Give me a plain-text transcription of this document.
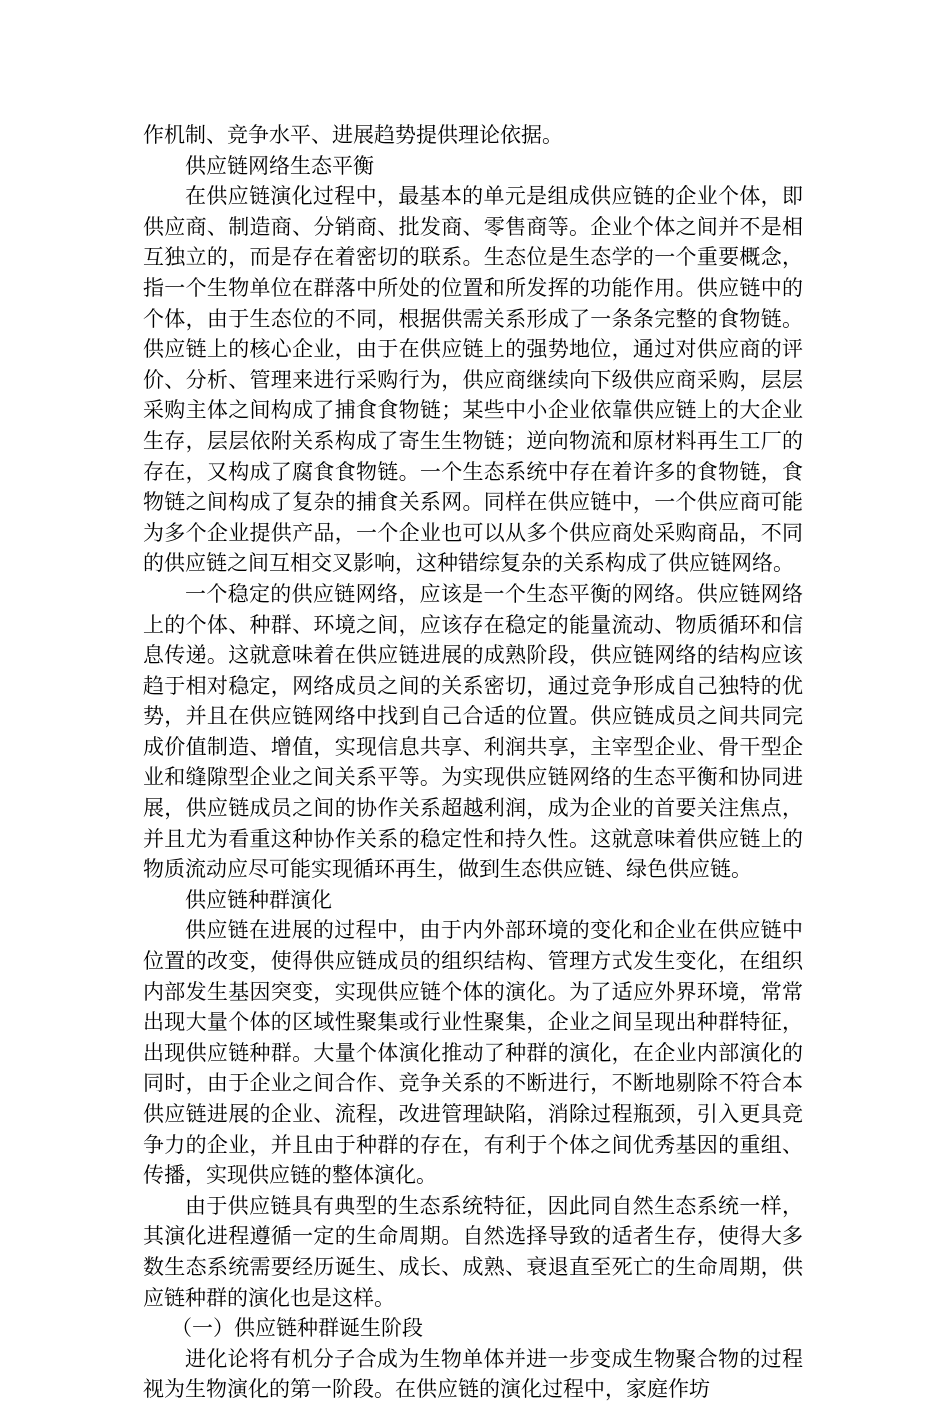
作机制、竞争水平、进展趋势提供理论依据。

供应链网络生态平衡

在供应链演化过程中，最基本的单元是组成供应链的企业个体，即供应商、制造商、分销商、批发商、零售商等。企业个体之间并不是相互独立的，而是存在着密切的联系。生态位是生态学的一个重要概念，指一个生物单位在群落中所处的位置和所发挥的功能作用。供应链中的个体，由于生态位的不同，根据供需关系形成了一条条完整的食物链。供应链上的核心企业，由于在供应链上的强势地位，通过对供应商的评价、分析、管理来进行采购行为，供应商继续向下级供应商采购，层层采购主体之间构成了捕食食物链；某些中小企业依靠供应链上的大企业生存，层层依附关系构成了寄生生物链；逆向物流和原材料再生工厂的存在，又构成了腐食食物链。一个生态系统中存在着许多的食物链，食物链之间构成了复杂的捕食关系网。同样在供应链中，一个供应商可能为多个企业提供产品，一个企业也可以从多个供应商处采购商品，不同的供应链之间互相交叉影响，这种错综复杂的关系构成了供应链网络。

一个稳定的供应链网络，应该是一个生态平衡的网络。供应链网络上的个体、种群、环境之间，应该存在稳定的能量流动、物质循环和信息传递。这就意味着在供应链进展的成熟阶段，供应链网络的结构应该趋于相对稳定，网络成员之间的关系密切，通过竞争形成自己独特的优势，并且在供应链网络中找到自己合适的位置。供应链成员之间共同完成价值制造、增值，实现信息共享、利润共享，主宰型企业、骨干型企业和缝隙型企业之间关系平等。为实现供应链网络的生态平衡和协同进展，供应链成员之间的协作关系超越利润，成为企业的首要关注焦点，并且尤为看重这种协作关系的稳定性和持久性。这就意味着供应链上的物质流动应尽可能实现循环再生，做到生态供应链、绿色供应链。

供应链种群演化

供应链在进展的过程中，由于内外部环境的变化和企业在供应链中位置的改变，使得供应链成员的组织结构、管理方式发生变化，在组织内部发生基因突变，实现供应链个体的演化。为了适应外界环境，常常出现大量个体的区域性聚集或行业性聚集，企业之间呈现出种群特征，出现供应链种群。大量个体演化推动了种群的演化，在企业内部演化的同时，由于企业之间合作、竞争关系的不断进行，不断地剔除不符合本供应链进展的企业、流程，改进管理缺陷，消除过程瓶颈，引入更具竞争力的企业，并且由于种群的存在，有利于个体之间优秀基因的重组、传播，实现供应链的整体演化。

由于供应链具有典型的生态系统特征，因此同自然生态系统一样，其演化进程遵循一定的生命周期。自然选择导致的适者生存，使得大多数生态系统需要经历诞生、成长、成熟、衰退直至死亡的生命周期，供应链种群的演化也是这样。

（一）供应链种群诞生阶段

进化论将有机分子合成为生物单体并进一步变成生物聚合物的过程视为生物演化的第一阶段。在供应链的演化过程中，家庭作坊
